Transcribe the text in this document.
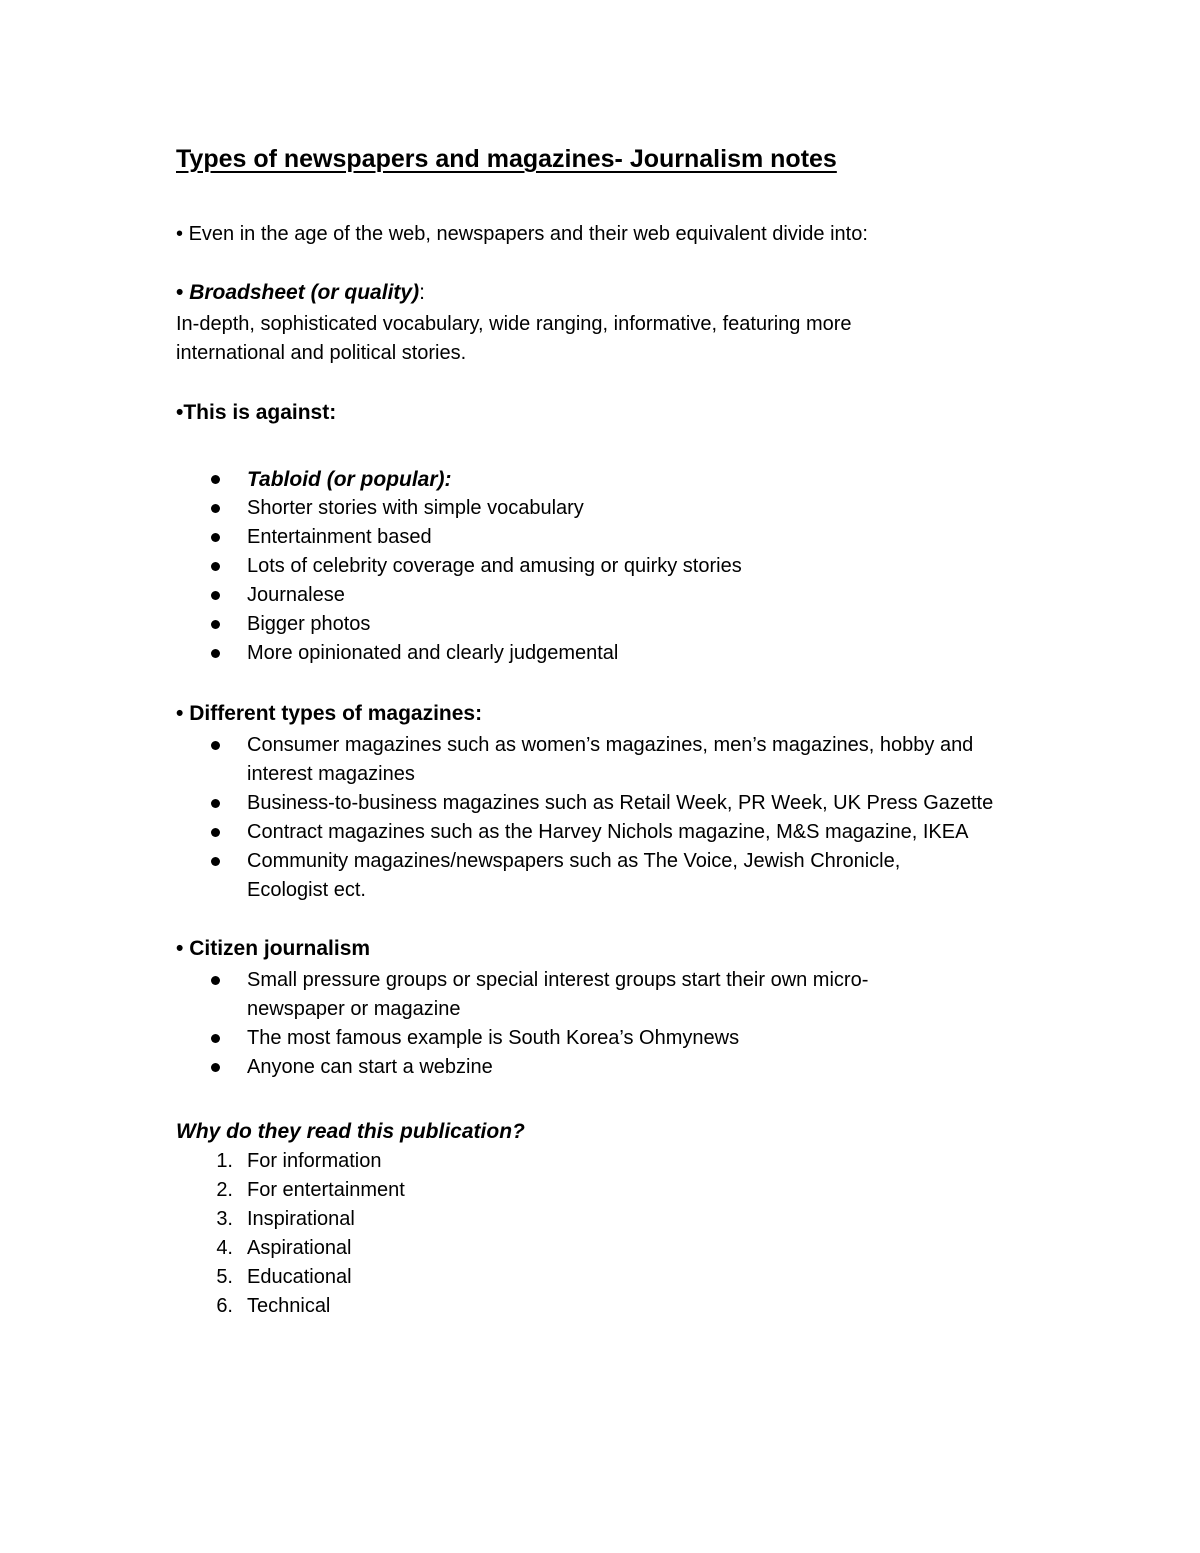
Types of newspapers and magazines- Journalism notes
• Even in the age of the web, newspapers and their web equivalent divide into:
• Broadsheet (or quality):
In-depth, sophisticated vocabulary, wide ranging, informative, featuring more
international and political stories.
•This is against:
Tabloid (or popular):
Shorter stories with simple vocabulary
Entertainment based
Lots of celebrity coverage and amusing or quirky stories
Journalese
Bigger photos
More opinionated and clearly judgemental
• Different types of magazines:
Consumer magazines such as women’s magazines, men’s magazines, hobby and interest magazines
Business-to-business magazines such as Retail Week, PR Week, UK Press Gazette
Contract magazines such as the Harvey Nichols magazine, M&S magazine, IKEA
Community magazines/newspapers such as The Voice, Jewish Chronicle, Ecologist ect.
• Citizen journalism
Small pressure groups or special interest groups start their own micro-newspaper or magazine
The most famous example is South Korea’s Ohmynews
Anyone can start a webzine
Why do they read this publication?
1. For information
2. For entertainment
3. Inspirational
4. Aspirational
5. Educational
6. Technical
